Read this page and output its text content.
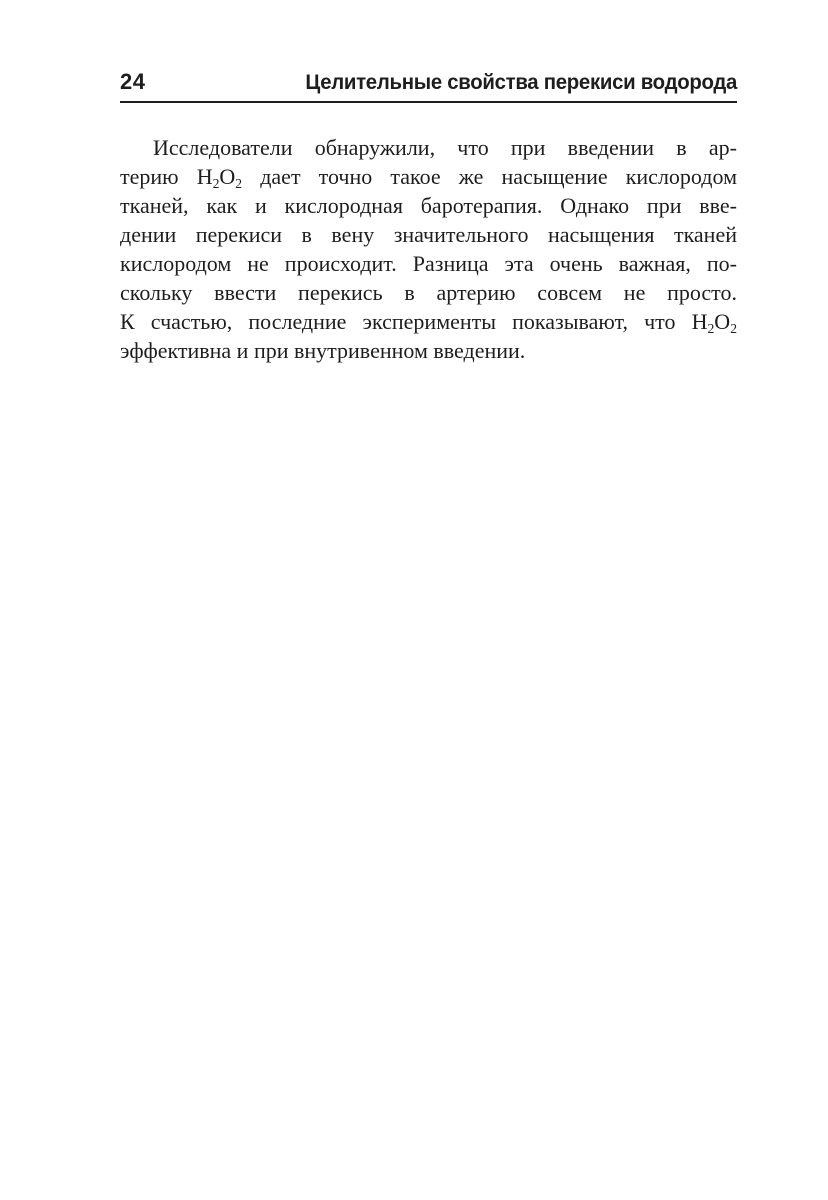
24	Целительные свойства перекиси водорода
Исследователи обнаружили, что при введении в ар-
терию $H_2O_2$ дает точно такое же насыщение кислородом
тканей, как и кислородная баротерапия. Однако при вве-
дении перекиси в вену значительного насыщения тканей
кислородом не происходит. Разница эта очень важная, по-
скольку ввести перекись в артерию совсем не просто.
К счастью, последние эксперименты показывают, что $H_2O_2$
эффективна и при внутривенном введении.
